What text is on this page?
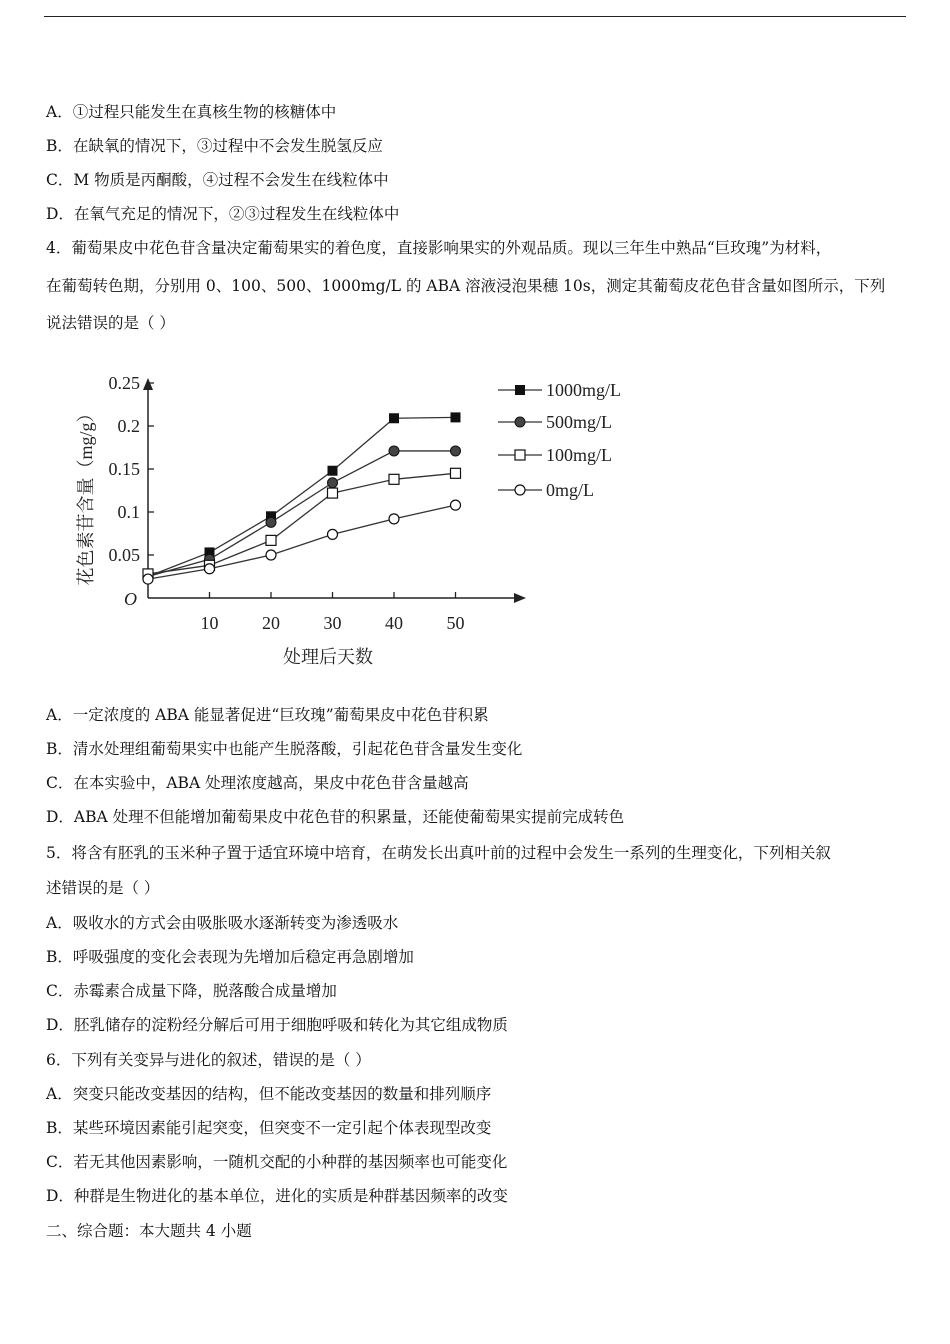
A．①过程只能发生在真核生物的核糖体中
B．在缺氧的情况下，③过程中不会发生脱氢反应
C．M 物质是丙酮酸，④过程不会发生在线粒体中
D．在氧气充足的情况下，②③过程发生在线粒体中
4．葡萄果皮中花色苷含量决定葡萄果实的着色度，直接影响果实的外观品质。现以三年生中熟品“巨玫瑰”为材料，
在葡萄转色期，分别用 0、100、500、1000mg/L 的 ABA 溶液浸泡果穗 10s，测定其葡萄皮花色苷含量如图所示，下列
说法错误的是（ ）
10 20 30 40 50
0.05
0.1
0.15
0.2
0.25	1000mg/L
500mg/L
100mg/L
0mg/L
花色素苷含量（mg/g）
处理后天数
O
A．一定浓度的 ABA 能显著促进“巨玫瑰”葡萄果皮中花色苷积累
B．清水处理组葡萄果实中也能产生脱落酸，引起花色苷含量发生变化
C．在本实验中，ABA 处理浓度越高，果皮中花色苷含量越高
D．ABA 处理不但能增加葡萄果皮中花色苷的积累量，还能使葡萄果实提前完成转色
5．将含有胚乳的玉米种子置于适宜环境中培育，在萌发长出真叶前的过程中会发生一系列的生理变化，下列相关叙
述错误的是（ ）
A．吸收水的方式会由吸胀吸水逐渐转变为渗透吸水
B．呼吸强度的变化会表现为先增加后稳定再急剧增加
C．赤霉素合成量下降，脱落酸合成量增加
D．胚乳储存的淀粉经分解后可用于细胞呼吸和转化为其它组成物质
6．下列有关变异与进化的叙述，错误的是（ ）
A．突变只能改变基因的结构，但不能改变基因的数量和排列顺序
B．某些环境因素能引起突变，但突变不一定引起个体表现型改变
C．若无其他因素影响，一随机交配的小种群的基因频率也可能变化
D．种群是生物进化的基本单位，进化的实质是种群基因频率的改变
二、综合题：本大题共 4 小题
